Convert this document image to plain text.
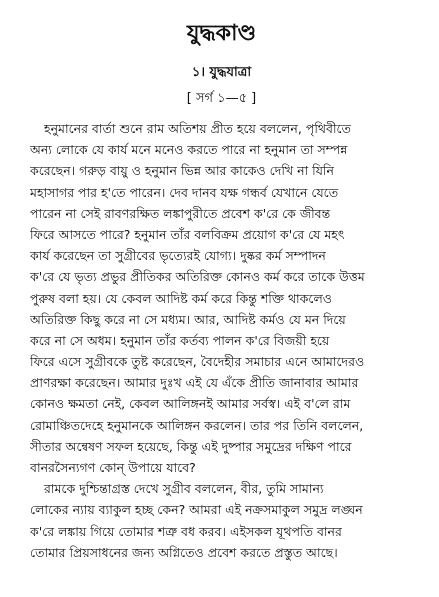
যুদ্ধকাণ্ড
১। যুদ্ধযাত্রা
[ সর্গ ১—৫ ]
হনুমানের বার্তা শুনে রাম অতিশয় প্রীত হয়ে বললেন, পৃথিবীতে
অন্য লোকে যে কার্য মনে মনেও করতে পারে না হনুমান তা সম্পন্ন
করেছেন। গরুড় বায়ু ও হনুমান ভিন্ন আর কাকেও দেখি না যিনি
মহাসাগর পার হ'তে পারেন। দেব দানব যক্ষ গন্ধর্ব যেখানে যেতে
পারেন না সেই রাবণরক্ষিত লঙ্কাপুরীতে প্রবেশ ক'রে কে জীবন্ত
ফিরে আসতে পারে? হনুমান তাঁর বলবিক্রম প্রয়োগ ক'রে যে মহৎ
কার্য করেছেন তা সুগ্রীবের ভৃত্যেরই যোগ্য। দুষ্কর কর্ম সম্পাদন
ক'রে যে ভৃত্য প্রভুর প্রীতিকর অতিরিক্ত কোনও কর্ম করে তাকে উত্তম
পুরুষ বলা হয়। যে কেবল আদিষ্ট কর্ম করে কিন্তু শক্তি থাকলেও
অতিরিক্ত কিছু করে না সে মধ্যম। আর, আদিষ্ট কর্মও যে মন দিয়ে
করে না সে অধম। হনুমান তাঁর কর্তব্য পালন ক'রে বিজয়ী হয়ে
ফিরে এসে সুগ্রীবকে তুষ্ট করেছেন, বৈদেহীর সমাচার এনে আমাদেরও
প্রাণরক্ষা করেছেন। আমার দুঃখ এই যে এঁকে প্রীতি জানাবার আমার
কোনও ক্ষমতা নেই, কেবল আলিঙ্গনই আমার সর্বস্ব। এই ব'লে রাম
রোমাঞ্চিতদেহে হনুমানকে আলিঙ্গন করলেন। তার পর তিনি বললেন,
সীতার অন্বেষণ সফল হয়েছে, কিন্তু এই দুষ্পার সমুদ্রের দক্ষিণ পারে
বানরসৈন্যগণ কোন্‌ উপায়ে যাবে?
রামকে দুশ্চিন্তাগ্রস্ত দেখে সুগ্রীব বললেন, বীর, তুমি সামান্য
লোকের ন্যায় ব্যাকুল হচ্ছ কেন? আমরা এই নক্রসমাকুল সমুদ্র লঙ্ঘন
ক'রে লঙ্কায় গিয়ে তোমার শত্রু বধ করব। এইসকল যূথপতি বানর
তোমার প্রিয়সাধনের জন্য অগ্নিতেও প্রবেশ করতে প্রস্তুত আছে।
